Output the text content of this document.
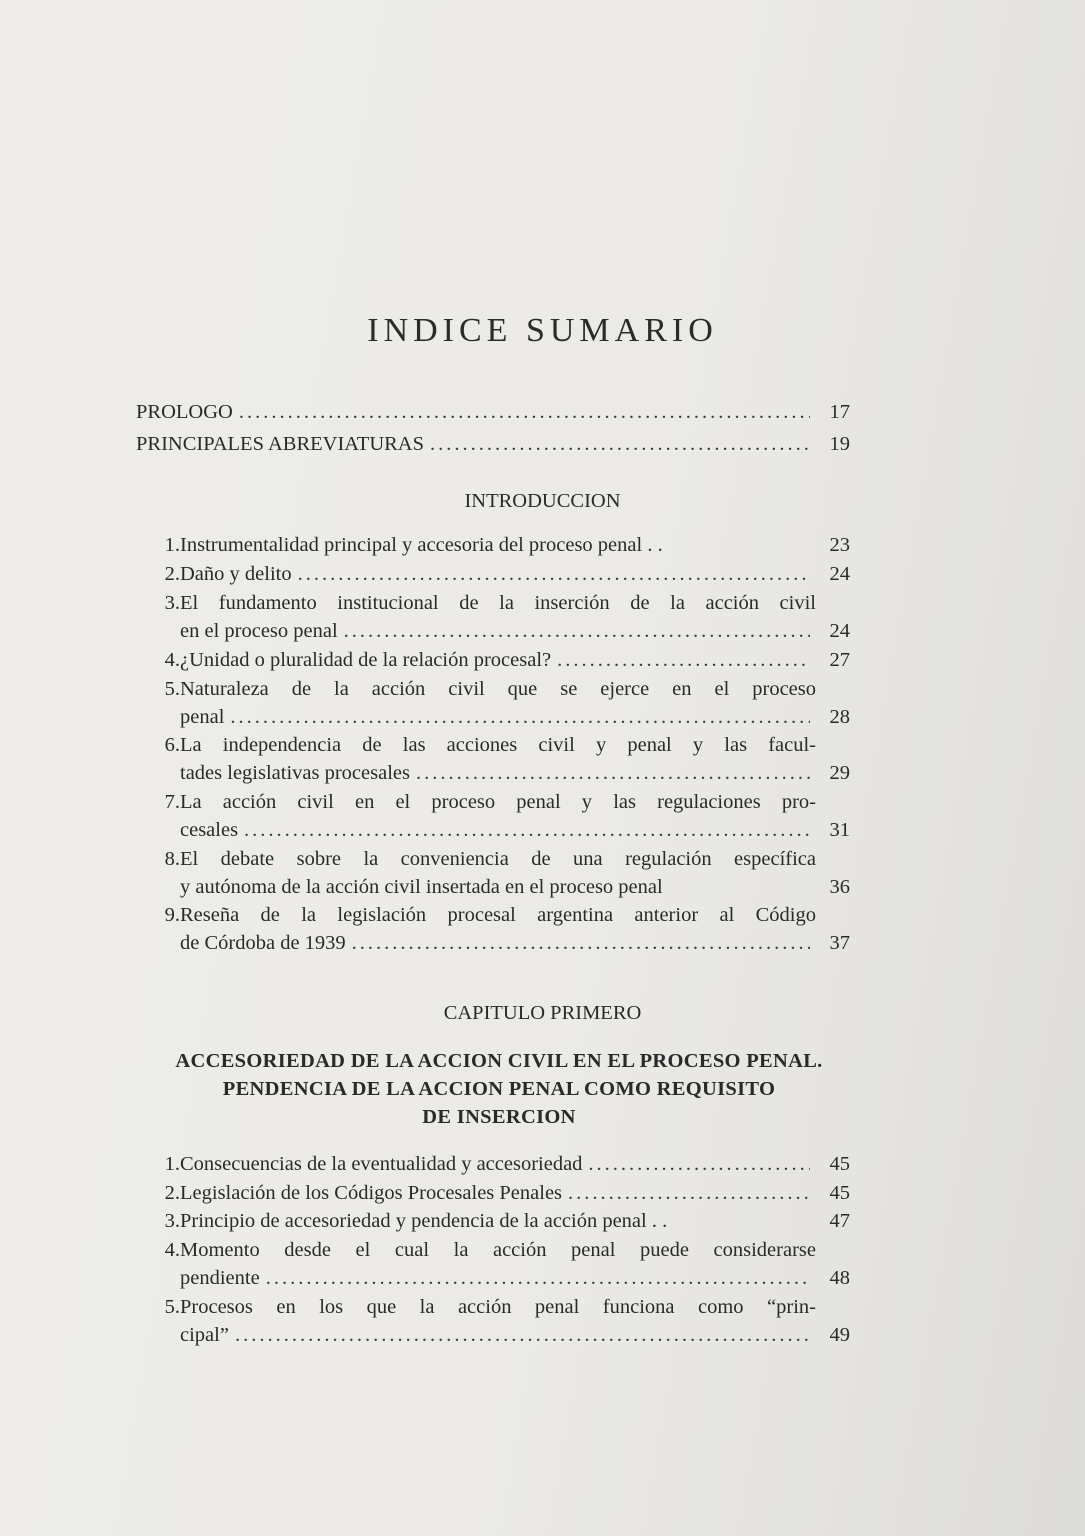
INDICE SUMARIO
PROLOGO .....	17
PRINCIPALES ABREVIATURAS .....	19
INTRODUCCION
1. Instrumentalidad principal y accesoria del proceso penal . .	23
2. Daño y delito .....	24
3. El fundamento institucional de la inserción de la acción civil
en el proceso penal .....	24
4. ¿Unidad o pluralidad de la relación procesal? .....	27
5. Naturaleza de la acción civil que se ejerce en el proceso
penal .....	28
6. La independencia de las acciones civil y penal y las facul-
tades legislativas procesales .....	29
7. La acción civil en el proceso penal y las regulaciones pro-
cesales .....	31
8. El debate sobre la conveniencia de una regulación específica
y autónoma de la acción civil insertada en el proceso penal	36
9. Reseña de la legislación procesal argentina anterior al Código
de Córdoba de 1939 .....	37
CAPITULO PRIMERO
ACCESORIEDAD DE LA ACCION CIVIL EN EL PROCESO PENAL.
PENDENCIA DE LA ACCION PENAL COMO REQUISITO
DE INSERCION
1. Consecuencias de la eventualidad y accesoriedad .....	45
2. Legislación de los Códigos Procesales Penales .....	45
3. Principio de accesoriedad y pendencia de la acción penal . .	47
4. Momento desde el cual la acción penal puede considerarse
pendiente .....	48
5. Procesos en los que la acción penal funciona como “prin-
cipal” .....	49
